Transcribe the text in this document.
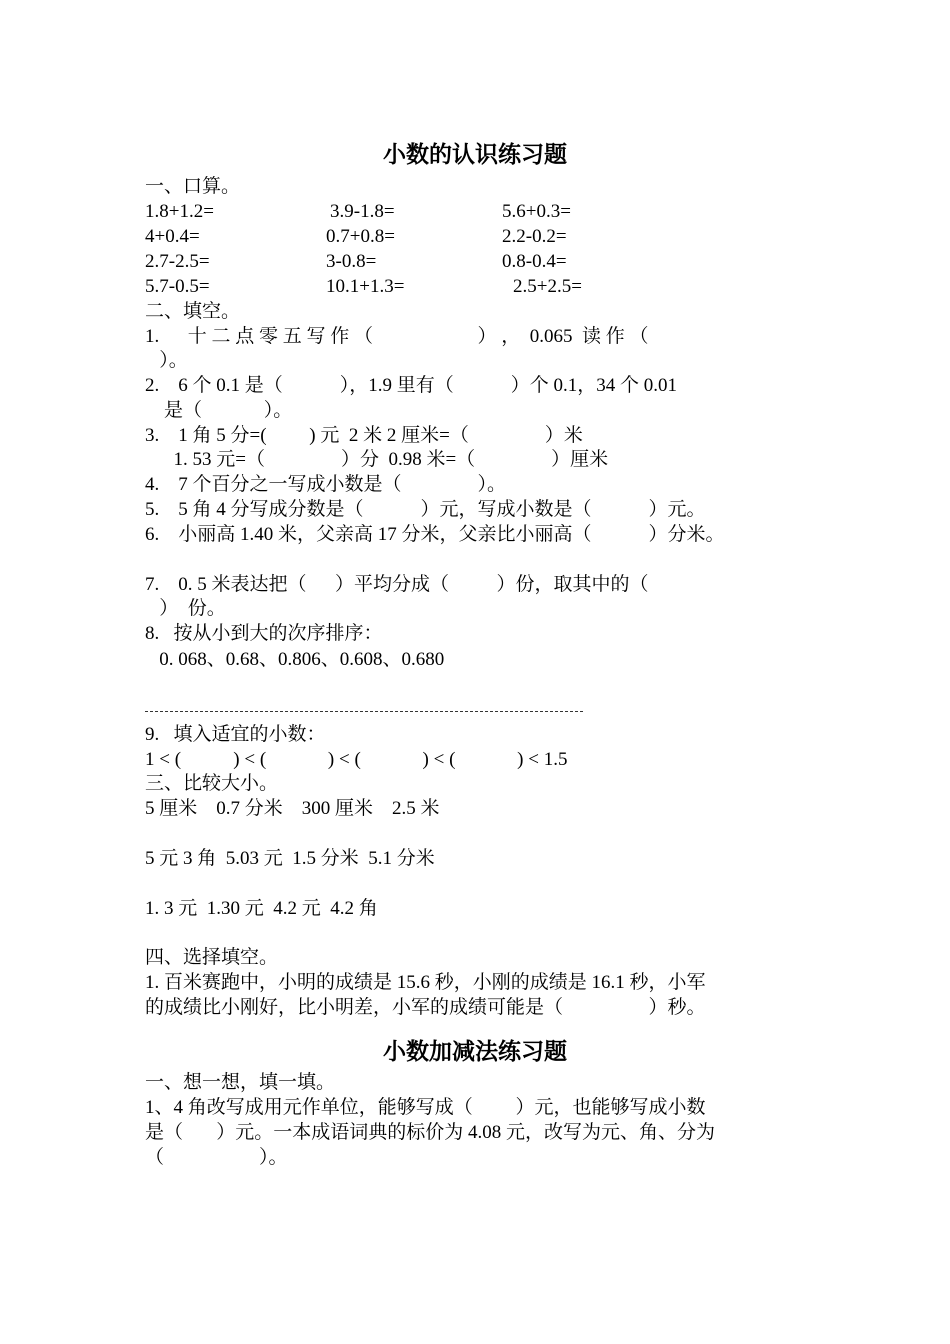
小数的认识练习题
一、口算。
1.8+1.2=	3.9-1.8=	5.6+0.3=
4+0.4=	0.7+0.8=	2.2-0.2=
2.7-2.5=	3-0.8=	0.8-0.4=
5.7-0.5=	10.1+1.3=	2.5+2.5=
二、填空。
1.      十 二 点 零 五 写 作 （                      ） ，  0.065  读 作 （
）。
2.    6 个 0.1 是（            ），1.9 里有（            ）个 0.1，34 个 0.01
是（             ）。
3.    1 角 5 分=(         ) 元  2 米 2 厘米=（                ）米
1. 53 元=（                ）分  0.98 米=（                ）厘米
4.    7 个百分之一写成小数是（                ）。
5.    5 角 4 分写成分数是（            ）元，写成小数是（            ）元。
6.    小丽高 1.40 米，父亲高 17 分米，父亲比小丽高（            ）分米。
7.    0. 5 米表达把（      ）平均分成（          ）份，取其中的（
）  份。
8.   按从小到大的次序排序：
0. 068、0.68、0.806、0.608、0.680
9.   填入适宜的小数：
1 < (           ) < (             ) < (             ) < (             ) < 1.5
三、比较大小。
5 厘米    0.7 分米    300 厘米    2.5 米
5 元 3 角  5.03 元  1.5 分米  5.1 分米
1. 3 元  1.30 元  4.2 元  4.2 角
四、选择填空。
1. 百米赛跑中，小明的成绩是 15.6 秒，小刚的成绩是 16.1 秒，小军
的成绩比小刚好，比小明差，小军的成绩可能是（                  ）秒。
小数加减法练习题
一、想一想，填一填。
1、4 角改写成用元作单位，能够写成（         ）元，也能够写成小数
是（       ）元。一本成语词典的标价为 4.08 元，改写为元、角、分为
（                    ）。
